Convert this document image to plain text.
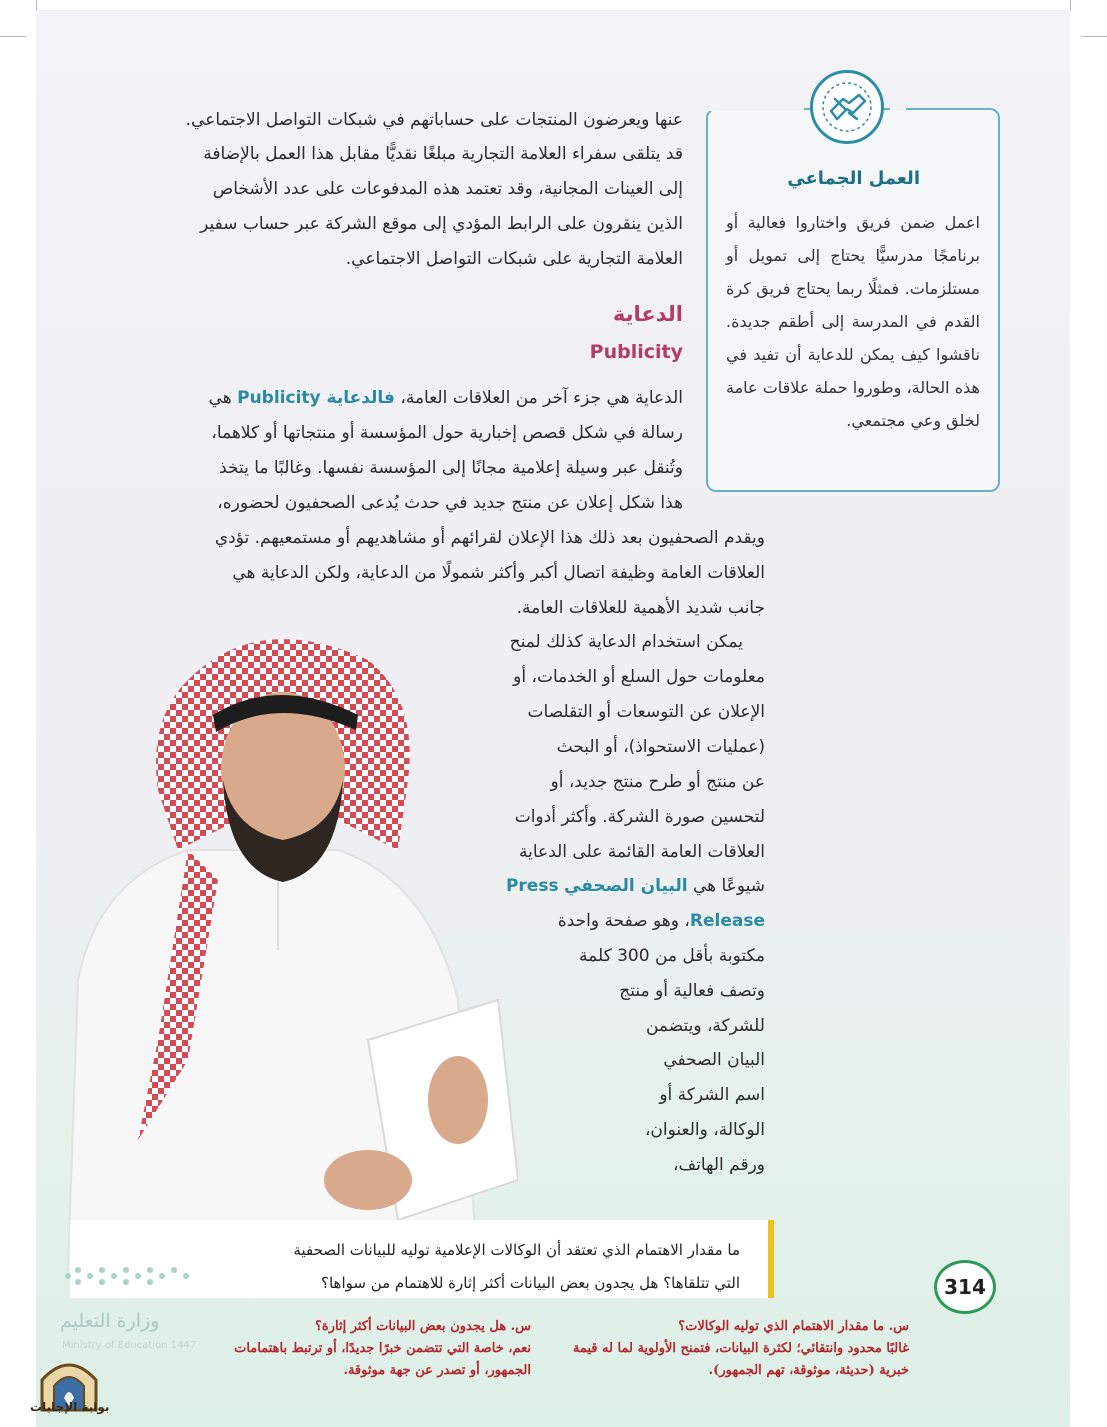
العمل الجماعي
اعمل ضمن فريق واختاروا فعالية أو برنامجًا مدرسيًّا يحتاج إلى تمويل أو مستلزمات. فمثلًا ربما يحتاج فريق كرة القدم في المدرسة إلى أطقم جديدة. ناقشوا كيف يمكن للدعاية أن تفيد في هذه الحالة، وطوروا حملة علاقات عامة لخلق وعي مجتمعي.
عنها ويعرضون المنتجات على حساباتهم في شبكات التواصل الاجتماعي.
قد يتلقى سفراء العلامة التجارية مبلغًا نقديًّا مقابل هذا العمل بالإضافة
إلى العينات المجانية، وقد تعتمد هذه المدفوعات على عدد الأشخاص
الذين ينقرون على الرابط المؤدي إلى موقع الشركة عبر حساب سفير
العلامة التجارية على شبكات التواصل الاجتماعي.
الدعاية
Publicity
الدعاية هي جزء آخر من العلاقات العامة، فالدعاية Publicity هي
رسالة في شكل قصص إخبارية حول المؤسسة أو منتجاتها أو كلاهما،
وتُنقل عبر وسيلة إعلامية مجانًا إلى المؤسسة نفسها. وغالبًا ما يتخذ
هذا شكل إعلان عن منتج جديد في حدث يُدعى الصحفيون لحضوره،
ويقدم الصحفيون بعد ذلك هذا الإعلان لقرائهم أو مشاهديهم أو مستمعيهم. تؤدي
العلاقات العامة وظيفة اتصال أكبر وأكثر شمولًا من الدعاية، ولكن الدعاية هي
جانب شديد الأهمية للعلاقات العامة.
يمكن استخدام الدعاية كذلك لمنح
معلومات حول السلع أو الخدمات، أو
الإعلان عن التوسعات أو التقلصات
(عمليات الاستحواذ)، أو البحث
عن منتج أو طرح منتج جديد، أو
لتحسين صورة الشركة. وأكثر أدوات
العلاقات العامة القائمة على الدعاية
شيوعًا هي البيان الصحفي Press
Release، وهو صفحة واحدة
مكتوبة بأقل من 300 كلمة
وتصف فعالية أو منتج
للشركة، ويتضمن
البيان الصحفي
اسم الشركة أو
الوكالة، والعنوان،
ورقم الهاتف،
ما مقدار الاهتمام الذي تعتقد أن الوكالات الإعلامية توليه للبيانات الصحفية
التي تتلقاها؟ هل يجدون بعض البيانات أكثر إثارة للاهتمام من سواها؟	314
س. ما مقدار الاهتمام الذي توليه الوكالات؟
غالبًا محدود وانتقائي؛ لكثرة البيانات، فتمنح الأولوية لما له قيمة
خبرية (حديثة، موثوقة، تهم الجمهور).
س. هل يجدون بعض البيانات أكثر إثارة؟
نعم، خاصة التي تتضمن خبرًا جديدًا، أو ترتبط باهتمامات
الجمهور، أو تصدر عن جهة موثوقة.
وزارة التعليم
Ministry of Education 1447
بوابة الإجابات
